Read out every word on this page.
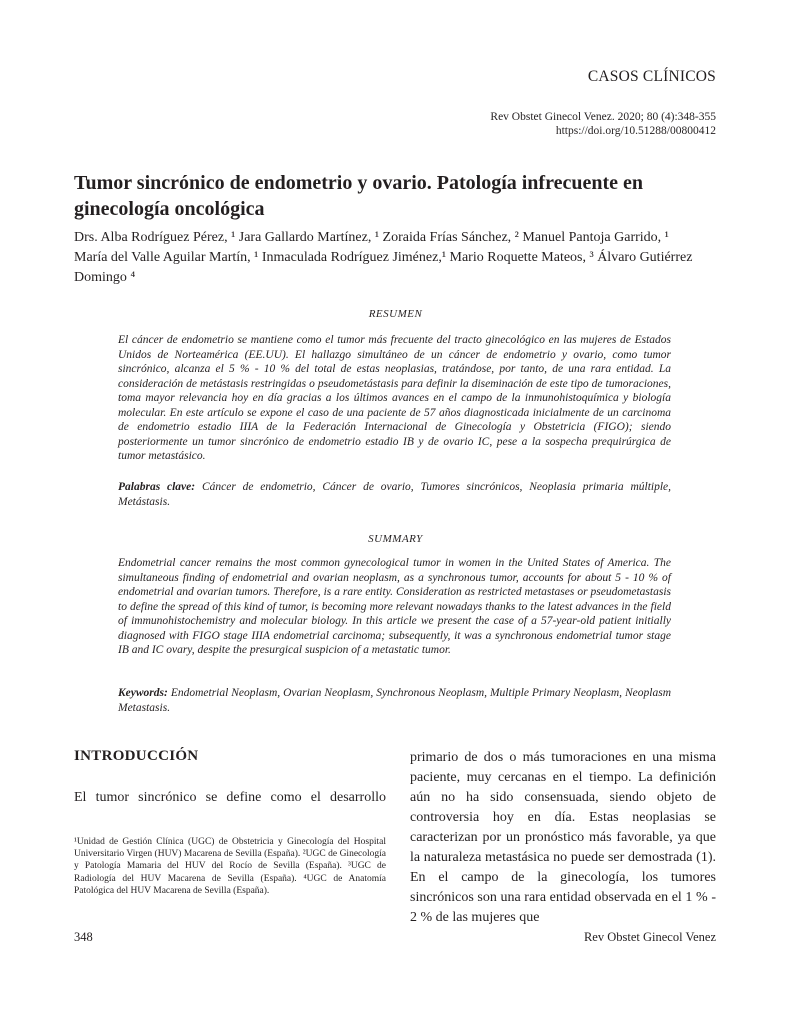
CASOS CLÍNICOS
Rev Obstet Ginecol Venez. 2020; 80 (4):348-355
https://doi.org/10.51288/00800412
Tumor sincrónico de endometrio y ovario. Patología infrecuente en ginecología oncológica
Drs. Alba Rodríguez Pérez, ¹ Jara Gallardo Martínez, ¹ Zoraida Frías Sánchez, ² Manuel Pantoja Garrido, ¹ María del Valle Aguilar Martín, ¹ Inmaculada Rodríguez Jiménez,¹ Mario Roquette Mateos, ³ Álvaro Gutiérrez Domingo ⁴
RESUMEN
El cáncer de endometrio se mantiene como el tumor más frecuente del tracto ginecológico en las mujeres de Estados Unidos de Norteamérica (EE.UU). El hallazgo simultáneo de un cáncer de endometrio y ovario, como tumor sincrónico, alcanza el 5 % - 10 % del total de estas neoplasias, tratándose, por tanto, de una rara entidad. La consideración de metástasis restringidas o pseudometástasis para definir la diseminación de este tipo de tumoraciones, toma mayor relevancia hoy en día gracias a los últimos avances en el campo de la inmunohistoquímica y biología molecular. En este artículo se expone el caso de una paciente de 57 años diagnosticada inicialmente de un carcinoma de endometrio estadio IIIA de la Federación Internacional de Ginecología y Obstetricia (FIGO); siendo posteriormente un tumor sincrónico de endometrio estadio IB y de ovario IC, pese a la sospecha prequirúrgica de tumor metastásico.
Palabras clave: Cáncer de endometrio, Cáncer de ovario, Tumores sincrónicos, Neoplasia primaria múltiple, Metástasis.
SUMMARY
Endometrial cancer remains the most common gynecological tumor in women in the United States of America. The simultaneous finding of endometrial and ovarian neoplasm, as a synchronous tumor, accounts for about 5 - 10 % of endometrial and ovarian tumors. Therefore, is a rare entity. Consideration as restricted metastases or pseudometastasis to define the spread of this kind of tumor, is becoming more relevant nowadays thanks to the latest advances in the field of immunohistochemistry and molecular biology. In this article we present the case of a 57-year-old patient initially diagnosed with FIGO stage IIIA endometrial carcinoma; subsequently, it was a synchronous endometrial tumor stage IB and IC ovary, despite the presurgical suspicion of a metastatic tumor.
Keywords: Endometrial Neoplasm, Ovarian Neoplasm, Synchronous Neoplasm, Multiple Primary Neoplasm, Neoplasm Metastasis.
INTRODUCCIÓN
El tumor sincrónico se define como el desarrollo
¹Unidad de Gestión Clínica (UGC) de Obstetricia y Ginecología del Hospital Universitario Virgen (HUV) Macarena de Sevilla (España). ²UGC de Ginecología y Patología Mamaria del HUV del Rocío de Sevilla (España). ³UGC de Radiología del HUV Macarena de Sevilla (España). ⁴UGC de Anatomía Patológica del HUV Macarena de Sevilla (España).
primario de dos o más tumoraciones en una misma paciente, muy cercanas en el tiempo. La definición aún no ha sido consensuada, siendo objeto de controversia hoy en día. Estas neoplasias se caracterizan por un pronóstico más favorable, ya que la naturaleza metastásica no puede ser demostrada (1). En el campo de la ginecología, los tumores sincrónicos son una rara entidad observada en el 1 % - 2 % de las mujeres que
348	Rev Obstet Ginecol Venez
